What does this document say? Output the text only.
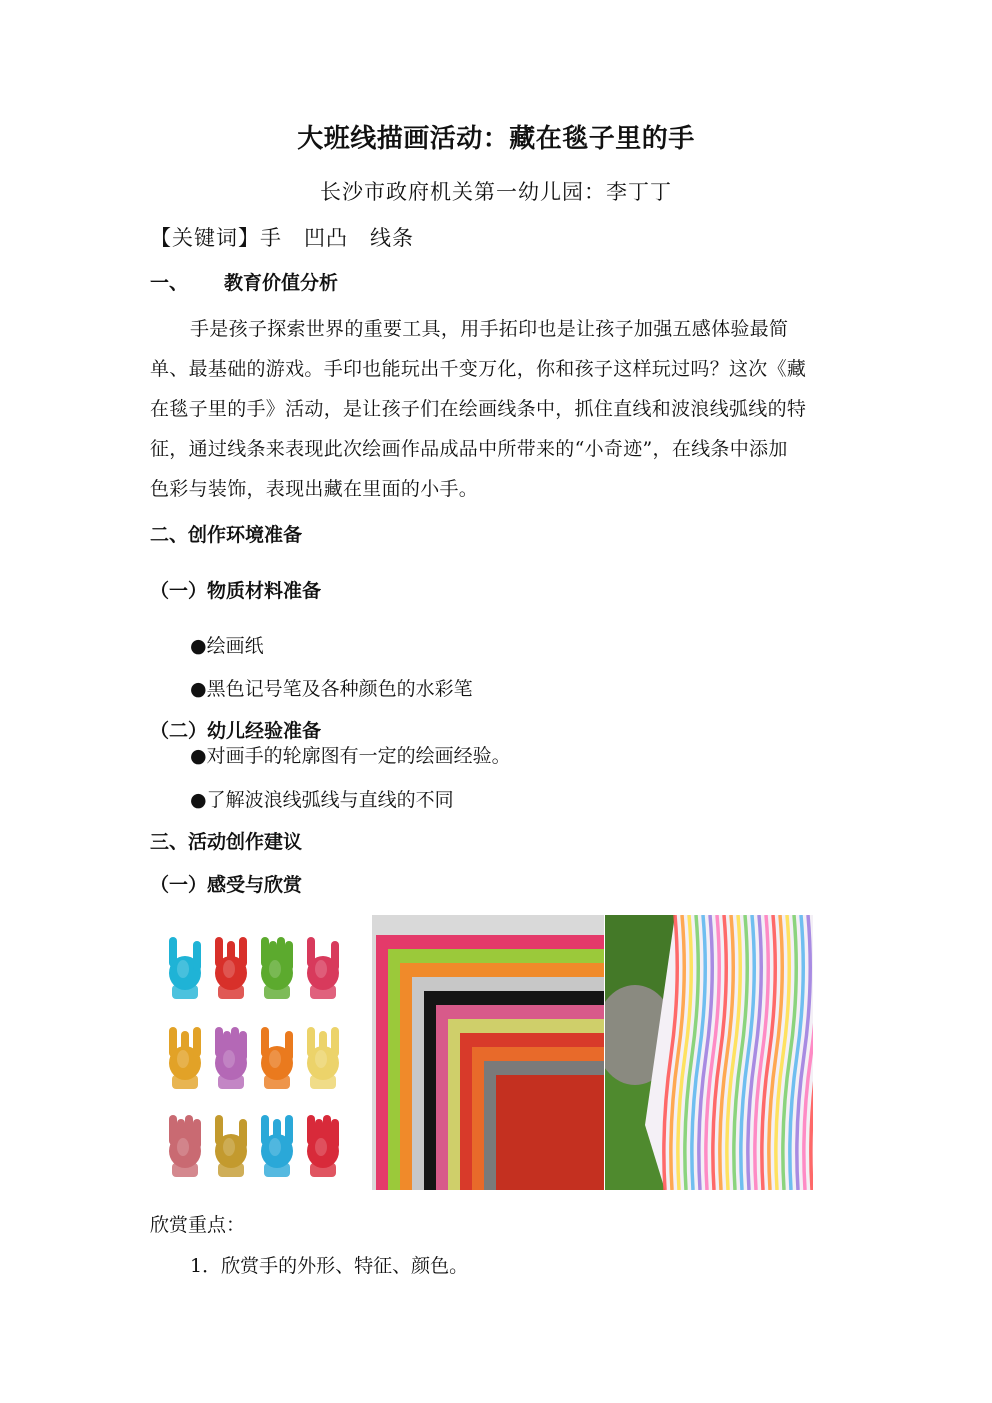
大班线描画活动：藏在毯子里的手
长沙市政府机关第一幼儿园：李丁丁
【关键词】手　凹凸　线条
一、 教育价值分析
手是孩子探索世界的重要工具，用手拓印也是让孩子加强五感体验最简
单、最基础的游戏。手印也能玩出千变万化，你和孩子这样玩过吗？这次《藏
在毯子里的手》活动，是让孩子们在绘画线条中，抓住直线和波浪线弧线的特
征，通过线条来表现此次绘画作品成品中所带来的“小奇迹”，在线条中添加
色彩与装饰，表现出藏在里面的小手。
二、创作环境准备
（一）物质材料准备
●绘画纸
●黑色记号笔及各种颜色的水彩笔
（二）幼儿经验准备
●对画手的轮廓图有一定的绘画经验。
●了解波浪线弧线与直线的不同
三、活动创作建议
（一）感受与欣赏
欣赏重点：
1．欣赏手的外形、特征、颜色。
